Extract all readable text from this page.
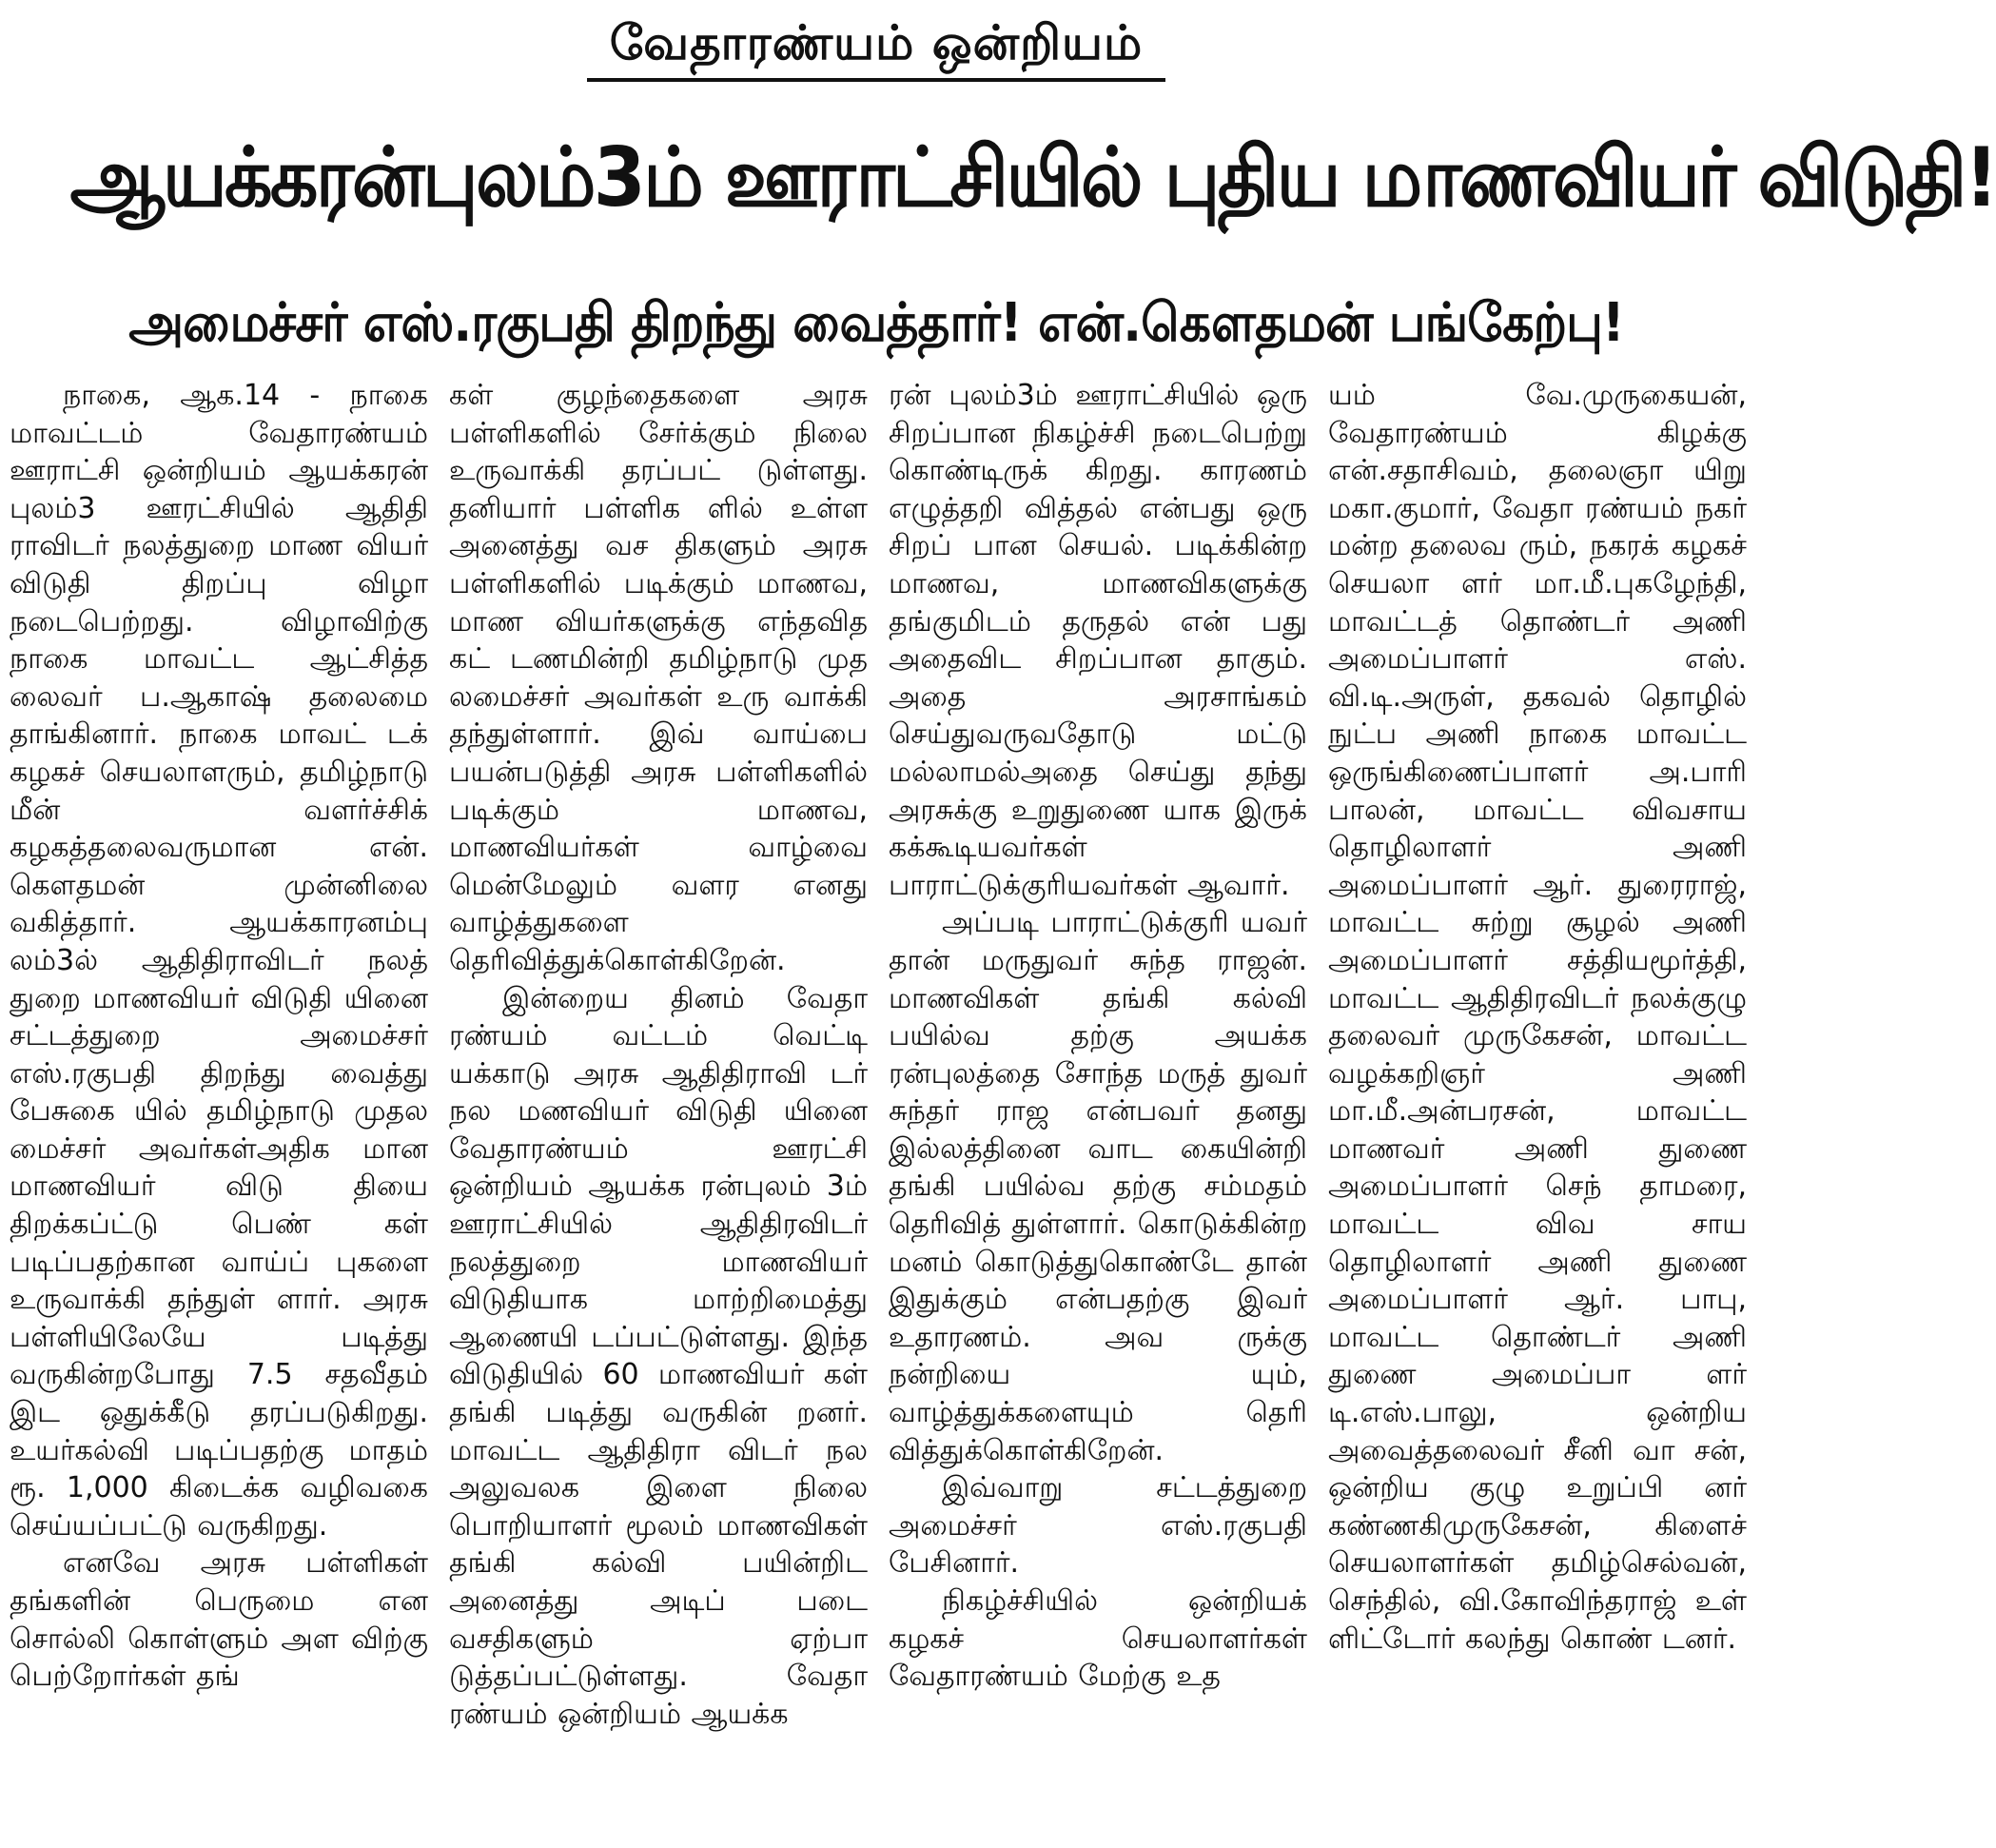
வேதாரண்யம் ஒன்றியம்
ஆயக்கரன்புலம்3ம் ஊராட்சியில் புதிய மாணவியர் விடுதி!
அமைச்சர் எஸ்.ரகுபதி திறந்து வைத்தார்! என்.கௌதமன் பங்கேற்பு!

நாகை, ஆக.14 - நாகை மாவட்டம் வேதாரண்யம் ஊராட்சி ஒன்றியம் ஆயக்கரன் புலம்3 ஊரட்சியில் ஆதிதி ராவிடர் நலத்துறை மாண வியர் விடுதி திறப்பு விழா நடைபெற்றது. விழாவிற்கு நாகை மாவட்ட ஆட்சித்த லைவர் ப.ஆகாஷ் தலைமை தாங்கினார். நாகை மாவட் டக் கழகச் செயலாளரும், தமிழ்நாடு மீன் வளர்ச்சிக் கழகத்தலைவருமான என். கௌதமன் முன்னிலை வகித்தார். ஆயக்காரனம்பு லம்3ல் ஆதிதிராவிடர் நலத் துறை மாணவியர் விடுதி யினை சட்டத்துறை அமைச்சர் எஸ்.ரகுபதி திறந்து வைத்து பேசுகை யில் தமிழ்நாடு முதல மைச்சர் அவர்கள்அதிக மான மாணவியர் விடு தியை திறக்கப்ட்டு பெண் கள் படிப்பதற்கான வாய்ப் புகளை உருவாக்கி தந்துள் ளார். அரசு பள்ளியிலேயே படித்து வருகின்றபோது 7.5 சதவீதம் இட ஒதுக்கீடு தரப்படுகிறது. உயர்கல்வி படிப்பதற்கு மாதம் ரூ. 1,000 கிடைக்க வழிவகை செய்யப்பட்டு வருகிறது.

எனவே அரசு பள்ளிகள் தங்களின் பெருமை என சொல்லி கொள்ளும் அள விற்கு பெற்றோர்கள் தங்

கள் குழந்தைகளை அரசு பள்ளிகளில் சேர்க்கும் நிலை உருவாக்கி தரப்பட் டுள்ளது. தனியார் பள்ளிக ளில் உள்ள அனைத்து வச திகளும் அரசு பள்ளிகளில் படிக்கும் மாணவ, மாண வியர்களுக்கு எந்தவித கட் டணமின்றி தமிழ்நாடு முத லமைச்சர் அவர்கள் உரு வாக்கி தந்துள்ளார். இவ் வாய்பை பயன்படுத்தி அரசு பள்ளிகளில் படிக்கும் மாணவ, மாணவியர்கள் வாழ்வை மென்மேலும் வளர எனது வாழ்த்துகளை தெரிவித்துக்கொள்கிறேன்.

இன்றைய தினம் வேதா ரண்யம் வட்டம் வெட்டி யக்காடு அரசு ஆதிதிராவி டர் நல மணவியர் விடுதி யினை வேதாரண்யம் ஊரட்சி ஒன்றியம் ஆயக்க ரன்புலம் 3ம் ஊராட்சியில் ஆதிதிரவிடர் நலத்துறை மாணவியர் விடுதியாக மாற்றிமைத்து ஆணையி டப்பட்டுள்ளது. இந்த விடுதியில் 60 மாணவியர் கள் தங்கி படித்து வருகின் றனர். மாவட்ட ஆதிதிரா விடர் நல அலுவலக இளை நிலை பொறியாளர் மூலம் மாணவிகள் தங்கி கல்வி பயின்றிட அனைத்து அடிப் படை வசதிகளும் ஏற்பா டுத்தப்பட்டுள்ளது. வேதா ரண்யம் ஒன்றியம் ஆயக்க

ரன் புலம்3ம் ஊராட்சியில் ஒரு சிறப்பான நிகழ்ச்சி நடைபெற்று கொண்டிருக் கிறது. காரணம் எழுத்தறி வித்தல் என்பது ஒரு சிறப் பான செயல். படிக்கின்ற மாணவ, மாணவிகளுக்கு தங்குமிடம் தருதல் என் பது அதைவிட சிறப்பான தாகும். அதை அரசாங்கம் செய்துவருவதோடு மட்டு மல்லாமல்அதை செய்து தந்து அரசுக்கு உறுதுணை யாக இருக் கக்கூடியவர்கள் பாராட்டுக்குரியவர்கள் ஆவார்.

அப்படி பாராட்டுக்குரி யவர் தான் மருதுவர் சுந்த ராஜன். மாணவிகள் தங்கி கல்வி பயில்வ தற்கு அயக்க ரன்புலத்தை சோந்த மருத் துவர் சுந்தர் ராஜ என்பவர் தனது இல்லத்தினை வாட கையின்றி தங்கி பயில்வ தற்கு சம்மதம் தெரிவித் துள்ளார். கொடுக்கின்ற மனம் கொடுத்துகொண்டே தான் இதுக்கும் என்பதற்கு இவர் உதாரணம். அவ ருக்கு நன்றியை யும், வாழ்த்துக்களையும் தெரி வித்துக்கொள்கிறேன்.

இவ்வாறு சட்டத்துறை அமைச்சர் எஸ்.ரகுபதி பேசினார்.

நிகழ்ச்சியில் ஒன்றியக் கழகச் செயலாளர்கள் வேதாரண்யம் மேற்கு உத

யம் வே.முருகையன், வேதாரண்யம் கிழக்கு என்.சதாசிவம், தலைஞா யிறு மகா.குமார், வேதா ரண்யம் நகர் மன்ற தலைவ ரும், நகரக் கழகச் செயலா ளர் மா.மீ.புகழேந்தி, மாவட்டத் தொண்டர் அணி அமைப்பாளர் எஸ். வி.டி.அருள், தகவல் தொழில் நுட்ப அணி நாகை மாவட்ட ஒருங்கிணைப்பாளர் அ.பாரி பாலன், மாவட்ட விவசாய தொழிலாளர் அணி அமைப்பாளர் ஆர். துரைராஜ், மாவட்ட சுற்று சூழல் அணி அமைப்பாளர் சத்தியமூர்த்தி, மாவட்ட ஆதிதிரவிடர் நலக்குழு தலைவர் முருகேசன், மாவட்ட வழக்கறிஞர் அணி மா.மீ.அன்பரசன், மாவட்ட மாணவர் அணி துணை அமைப்பாளர் செந் தாமரை, மாவட்ட விவ சாய தொழிலாளர் அணி துணை அமைப்பாளர் ஆர். பாபு, மாவட்ட தொண்டர் அணி துணை அமைப்பா ளர் டி.எஸ்.பாலு, ஒன்றிய அவைத்தலைவர் சீனி வா சன், ஒன்றிய குழு உறுப்பி னர் கண்ணகிமுருகேசன், கிளைச் செயலாளர்கள் தமிழ்செல்வன், செந்தில், வி.கோவிந்தராஜ் உள் ளிட்டோர் கலந்து கொண் டனர்.
